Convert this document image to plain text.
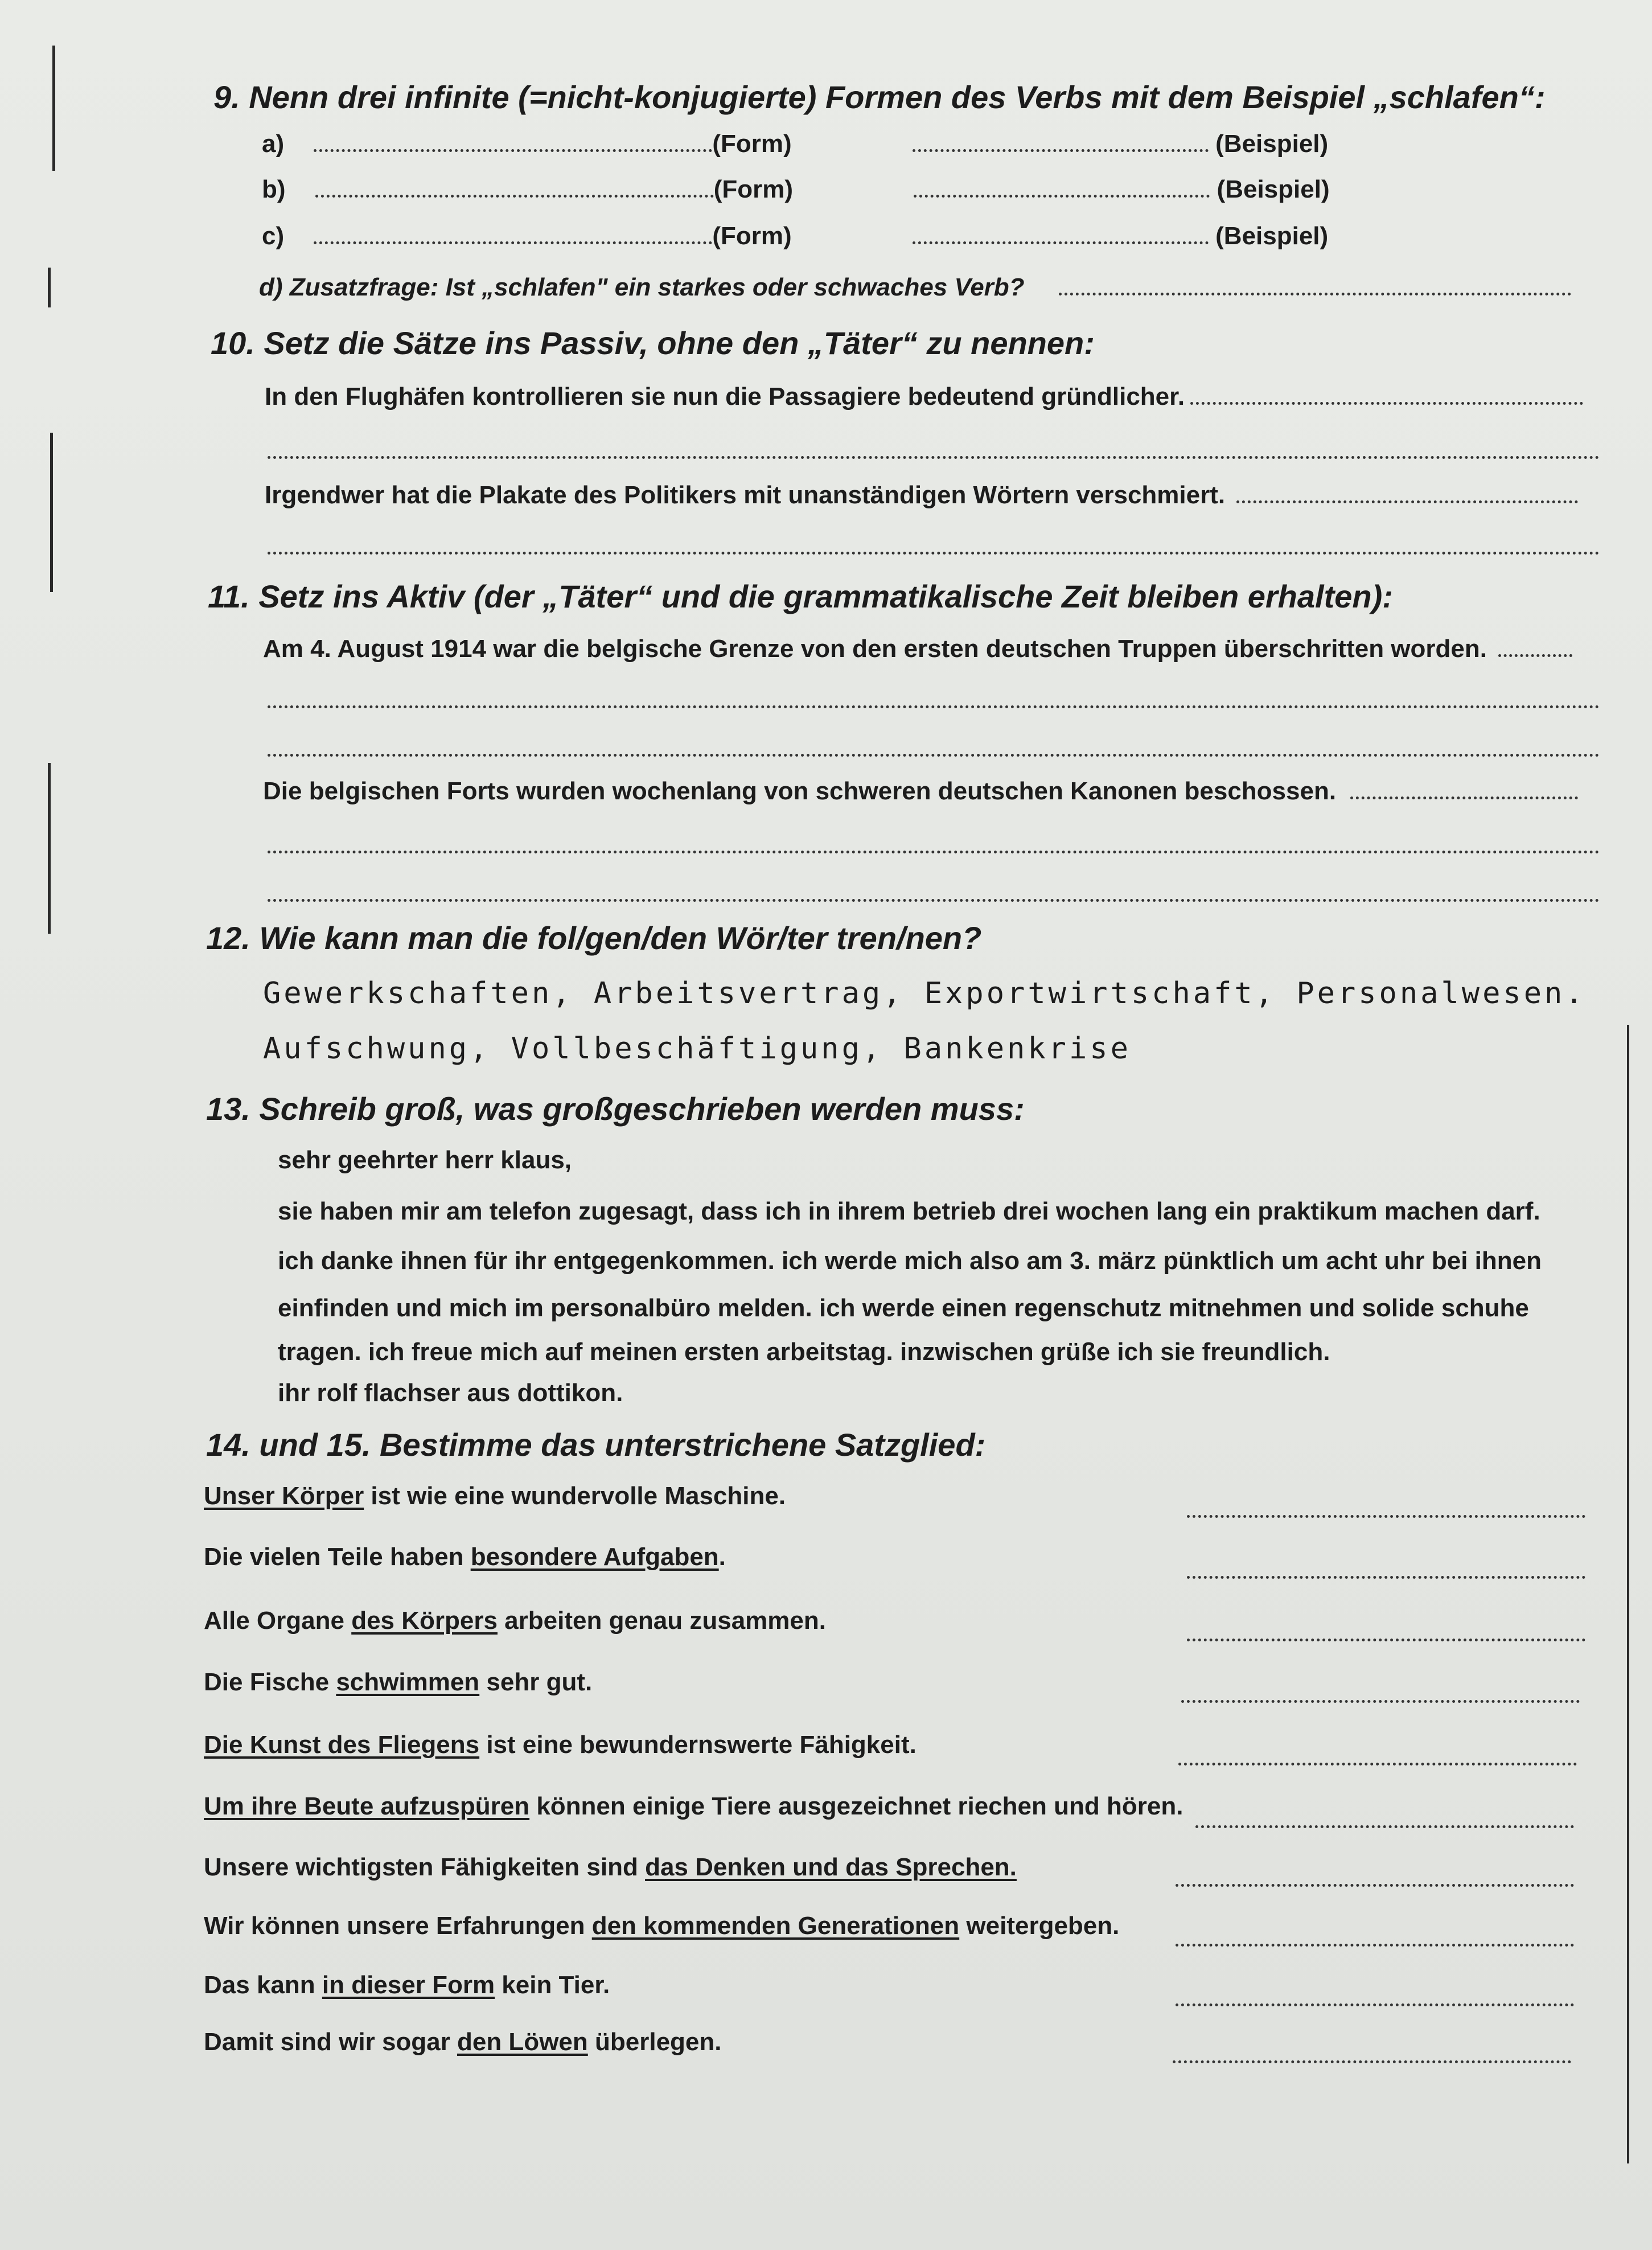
9. Nenn drei infinite (=nicht-konjugierte) Formen des Verbs mit dem Beispiel „schlafen“:
a)	(Form)	(Beispiel)
b)	(Form)	(Beispiel)
c)	(Form)	(Beispiel)
d) Zusatzfrage: Ist „schlafen" ein starkes oder schwaches Verb?
10. Setz die Sätze ins Passiv, ohne den „Täter“ zu nennen:
In den Flughäfen kontrollieren sie nun die Passagiere bedeutend gründlicher.
Irgendwer hat die Plakate des Politikers mit unanständigen Wörtern verschmiert.
11. Setz ins Aktiv (der „Täter“ und die grammatikalische Zeit bleiben erhalten):
Am 4. August 1914 war die belgische Grenze von den ersten deutschen Truppen überschritten worden.
Die belgischen Forts wurden wochenlang von schweren deutschen Kanonen beschossen.
12. Wie kann man die fol/gen/den Wör/ter tren/nen?
Gewerkschaften, Arbeitsvertrag, Exportwirtschaft, Personalwesen.
Aufschwung, Vollbeschäftigung, Bankenkrise
13. Schreib groß, was großgeschrieben werden muss:
sehr geehrter herr klaus,
sie haben mir am telefon zugesagt, dass ich in ihrem betrieb drei wochen lang ein praktikum machen darf.
ich danke ihnen für ihr entgegenkommen. ich werde mich also am 3. märz pünktlich um acht uhr bei ihnen
einfinden und mich im personalbüro melden. ich werde einen regenschutz mitnehmen und solide schuhe
tragen. ich freue mich auf meinen ersten arbeitstag. inzwischen grüße ich sie freundlich.
ihr rolf flachser aus dottikon.
14. und 15. Bestimme das unterstrichene Satzglied:
Unser Körper ist wie eine wundervolle Maschine.
Die vielen Teile haben besondere Aufgaben.
Alle Organe des Körpers arbeiten genau zusammen.
Die Fische schwimmen sehr gut.
Die Kunst des Fliegens ist eine bewundernswerte Fähigkeit.
Um ihre Beute aufzuspüren können einige Tiere ausgezeichnet riechen und hören.
Unsere wichtigsten Fähigkeiten sind das Denken und das Sprechen.
Wir können unsere Erfahrungen den kommenden Generationen weitergeben.
Das kann in dieser Form kein Tier.
Damit sind wir sogar den Löwen überlegen.
